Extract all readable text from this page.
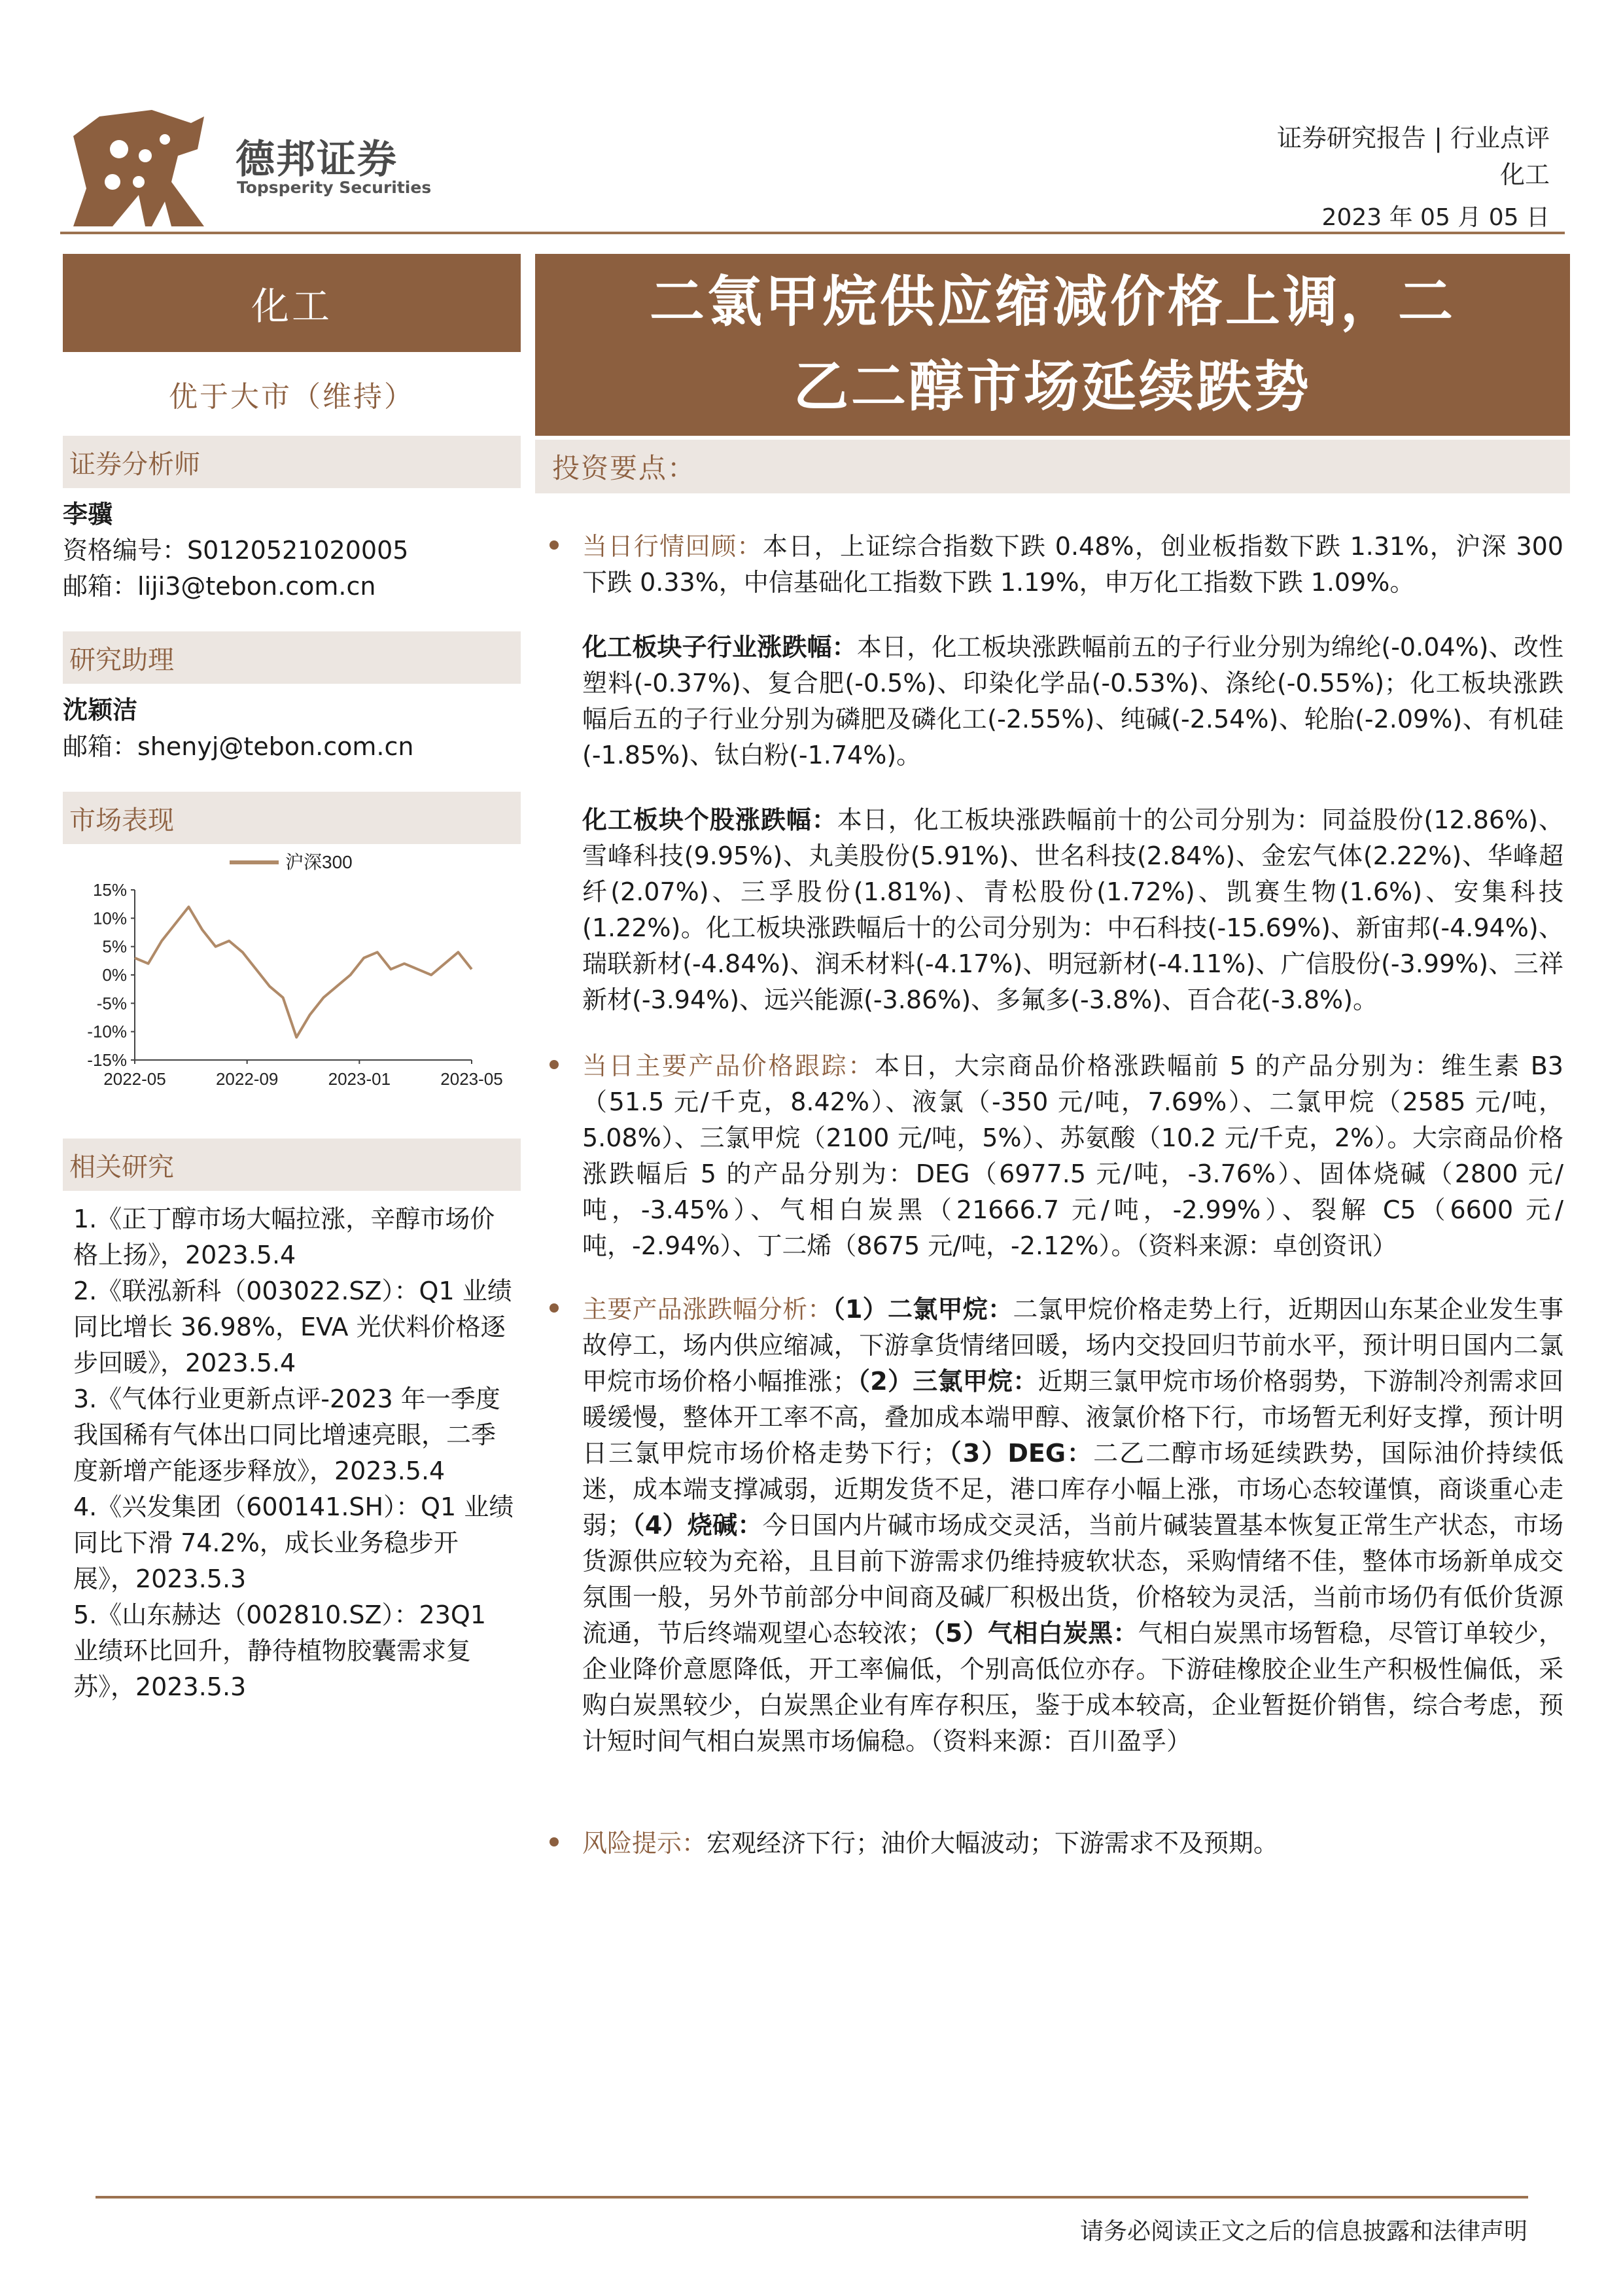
德邦证券
Topsperity Securities
证券研究报告 | 行业点评
化工
2023 年 05 月 05 日
化工
优于大市（维持）
证券分析师
李骥
资格编号：S0120521020005
邮箱：liji3@tebon.com.cn
研究助理
沈颖洁
邮箱：shenyj@tebon.com.cn
市场表现
15%
10%
5%
0%
-5%
-10%
-15%
2022-05	2022-09	2023-01	2023-05
沪深300
相关研究
1.《正丁醇市场大幅拉涨，辛醇市场价格上扬》，2023.5.4
2.《联泓新科（003022.SZ）：Q1 业绩同比增长 36.98%，EVA 光伏料价格逐步回暖》，2023.5.4
3.《气体行业更新点评-2023 年一季度我国稀有气体出口同比增速亮眼，二季度新增产能逐步释放》，2023.5.4
4.《兴发集团（600141.SH）：Q1 业绩同比下滑 74.2%，成长业务稳步开展》，2023.5.3
5.《山东赫达（002810.SZ）：23Q1 业绩环比回升，静待植物胶囊需求复苏》，2023.5.3
二氯甲烷供应缩减价格上调，二
乙二醇市场延续跌势
投资要点：
当日行情回顾：本日，上证综合指数下跌 0.48%，创业板指数下跌 1.31%，沪深 300 下跌 0.33%，中信基础化工指数下跌 1.19%，申万化工指数下跌 1.09%。
化工板块子行业涨跌幅：本日，化工板块涨跌幅前五的子行业分别为绵纶(-0.04%)、改性塑料(-0.37%)、复合肥(-0.5%)、印染化学品(-0.53%)、涤纶(-0.55%)；化工板块涨跌幅后五的子行业分别为磷肥及磷化工(-2.55%)、纯碱(-2.54%)、轮胎(-2.09%)、有机硅(-1.85%)、钛白粉(-1.74%)。
化工板块个股涨跌幅：本日，化工板块涨跌幅前十的公司分别为：同益股份(12.86%)、雪峰科技(9.95%)、丸美股份(5.91%)、世名科技(2.84%)、金宏气体(2.22%)、华峰超纤(2.07%)、三孚股份(1.81%)、青松股份(1.72%)、凯赛生物(1.6%)、安集科技(1.22%)。化工板块涨跌幅后十的公司分别为：中石科技(-15.69%)、新宙邦(-4.94%)、瑞联新材(-4.84%)、润禾材料(-4.17%)、明冠新材(-4.11%)、广信股份(-3.99%)、三祥新材(-3.94%)、远兴能源(-3.86%)、多氟多(-3.8%)、百合花(-3.8%)。
当日主要产品价格跟踪：本日，大宗商品价格涨跌幅前 5 的产品分别为：维生素 B3（51.5 元/千克，8.42%）、液氯（-350 元/吨，7.69%）、二氯甲烷（2585 元/吨，5.08%）、三氯甲烷（2100 元/吨，5%）、苏氨酸（10.2 元/千克，2%）。大宗商品价格涨跌幅后 5 的产品分别为：DEG（6977.5 元/吨，-3.76%）、固体烧碱（2800 元/吨，-3.45%）、气相白炭黑（21666.7 元/吨，-2.99%）、裂解 C5（6600 元/吨，-2.94%）、丁二烯（8675 元/吨，-2.12%）。（资料来源：卓创资讯）
主要产品涨跌幅分析：（1）二氯甲烷：二氯甲烷价格走势上行，近期因山东某企业发生事故停工，场内供应缩减，下游拿货情绪回暖，场内交投回归节前水平，预计明日国内二氯甲烷市场价格小幅推涨；（2）三氯甲烷：近期三氯甲烷市场价格弱势，下游制冷剂需求回暖缓慢，整体开工率不高，叠加成本端甲醇、液氯价格下行，市场暂无利好支撑，预计明日三氯甲烷市场价格走势下行；（3）DEG：二乙二醇市场延续跌势，国际油价持续低迷，成本端支撑减弱，近期发货不足，港口库存小幅上涨，市场心态较谨慎，商谈重心走弱；（4）烧碱：今日国内片碱市场成交灵活，当前片碱装置基本恢复正常生产状态，市场货源供应较为充裕，且目前下游需求仍维持疲软状态，采购情绪不佳，整体市场新单成交氛围一般，另外节前部分中间商及碱厂积极出货，价格较为灵活，当前市场仍有低价货源流通，节后终端观望心态较浓；（5）气相白炭黑：气相白炭黑市场暂稳，尽管订单较少，企业降价意愿降低，开工率偏低，个别高低位亦存。下游硅橡胶企业生产积极性偏低，采购白炭黑较少，白炭黑企业有库存积压，鉴于成本较高，企业暂挺价销售，综合考虑，预计短时间气相白炭黑市场偏稳。（资料来源：百川盈孚）
风险提示：宏观经济下行；油价大幅波动；下游需求不及预期。
请务必阅读正文之后的信息披露和法律声明
